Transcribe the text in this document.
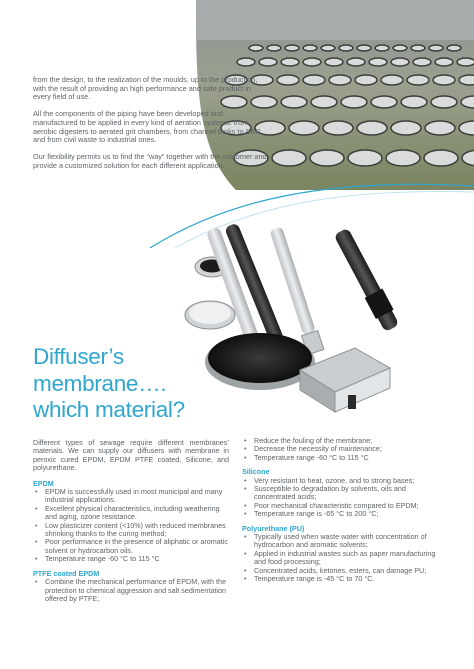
from the design, to the realization of the moulds, up to the production, with the result of providing an high performance and safe product in every field of use.

All the components of the piping have been developed and manufactured to be applied in every kind of aeration systems: from aerobic digesters to aerated grit chambers, from channel tanks to SBR and from civil waste to industrial ones.

Our flexibility permits us to find the “way” together with the customer and provide a customized solution for each different application.

Diffuser’s
membrane….
which material?

Different types of sewage require different membranes’ materials. We can supply our diffusers with membrane in peroxic cured EPDM, EPDM PTFE coated, Silicone, and polyurethane.

EPDM
• EPDM is successfully used in most municipal and many industrial applications.
• Excellent physical characteristics, including weathering and aging, ozone resistance.
• Low plasticizer content (<10%) with reduced membranes shrinking thanks to the curing method;
• Poor performance in the presence of aliphatic or aromatic solvent or hydrocarbon oils.
• Temperature range -60 °C to 115 °C
PTFE coated EPDM
• Combine the mechanical performance of EPDM, with the protection to chemical aggression and salt sedimentation offered by PTFE;
• Reduce the fouling of the membrane;
• Decrease the necessity of maintenance;
• Temperature range -60 °C to 115 °C
Silicone
• Very resistant to heat, ozone, and to strong bases;
• Susceptible to degradation by solvents, oils and concentrated acids;
• Poor mechanical characteristic compared to EPDM;
• Temperature range is -65 °C to 200 °C;
Polyurethane (PU)
• Typically used when waste water with concentration of hydrocarbon and aromatic solvents;
• Applied in industrial wastes such as paper manufacturing and food processing;
• Concentrated acids, ketones, esters, can damage PU;
• Temperature range is -45 °C to 70 °C.
